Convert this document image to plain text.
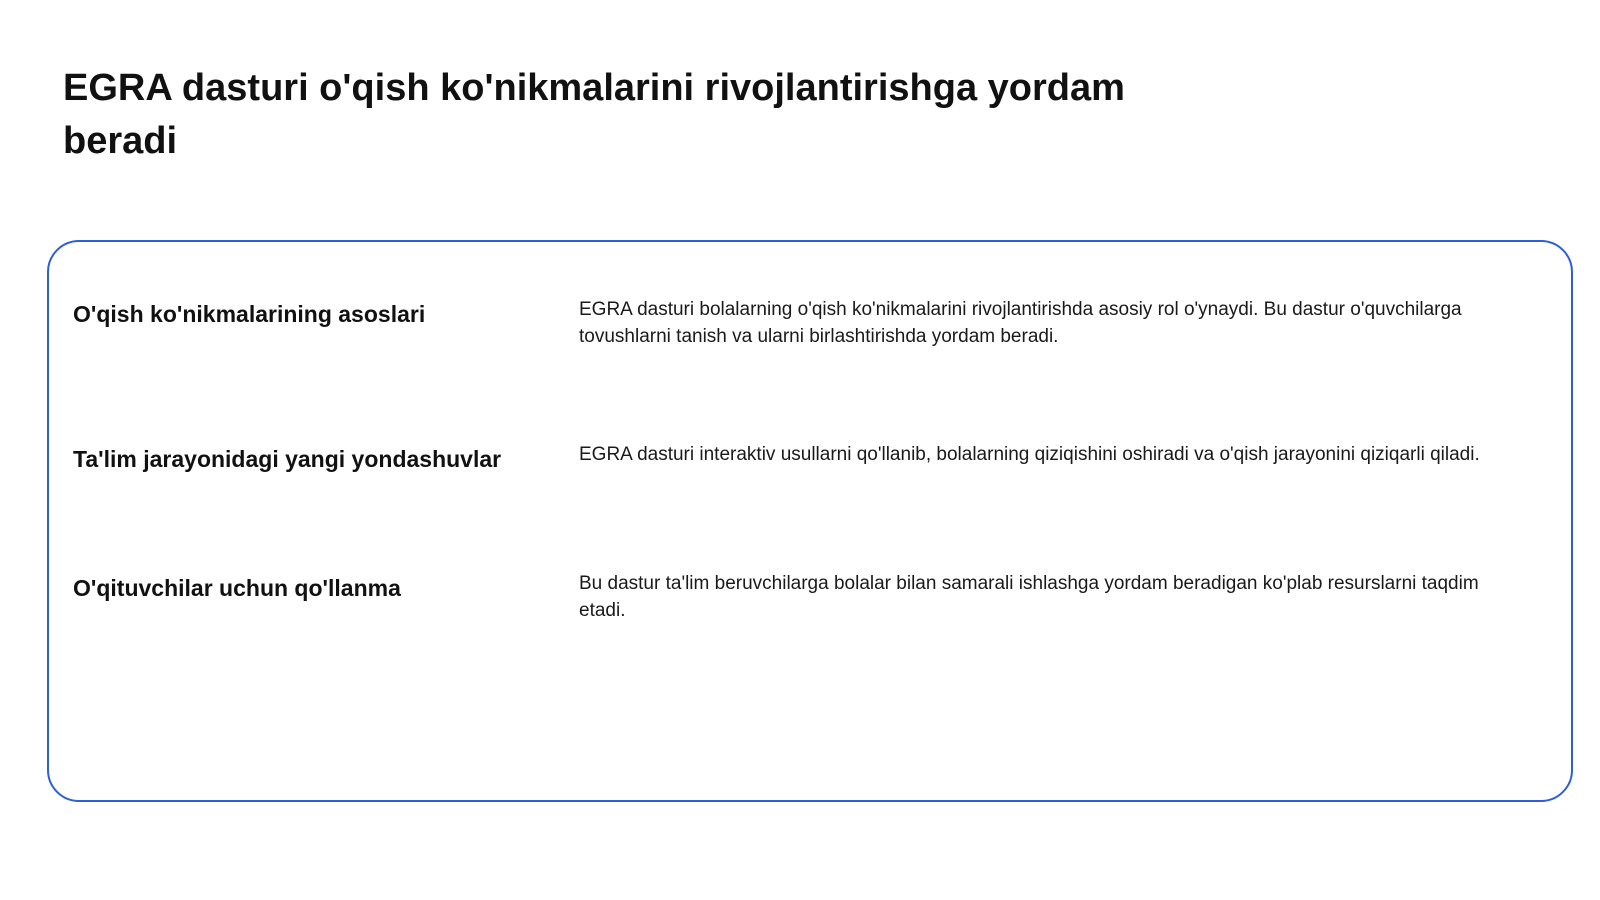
EGRA dasturi o'qish ko'nikmalarini rivojlantirishga yordam beradi
O'qish ko'nikmalarining asoslari	EGRA dasturi bolalarning o'qish ko'nikmalarini rivojlantirishda asosiy rol o'ynaydi. Bu dastur o'quvchilarga tovushlarni tanish va ularni birlashtirishda yordam beradi.

Ta'lim jarayonidagi yangi yondashuvlar	EGRA dasturi interaktiv usullarni qo'llanib, bolalarning qiziqishini oshiradi va o'qish jarayonini qiziqarli qiladi.

O'qituvchilar uchun qo'llanma	Bu dastur ta'lim beruvchilarga bolalar bilan samarali ishlashga yordam beradigan ko'plab resurslarni taqdim etadi.
